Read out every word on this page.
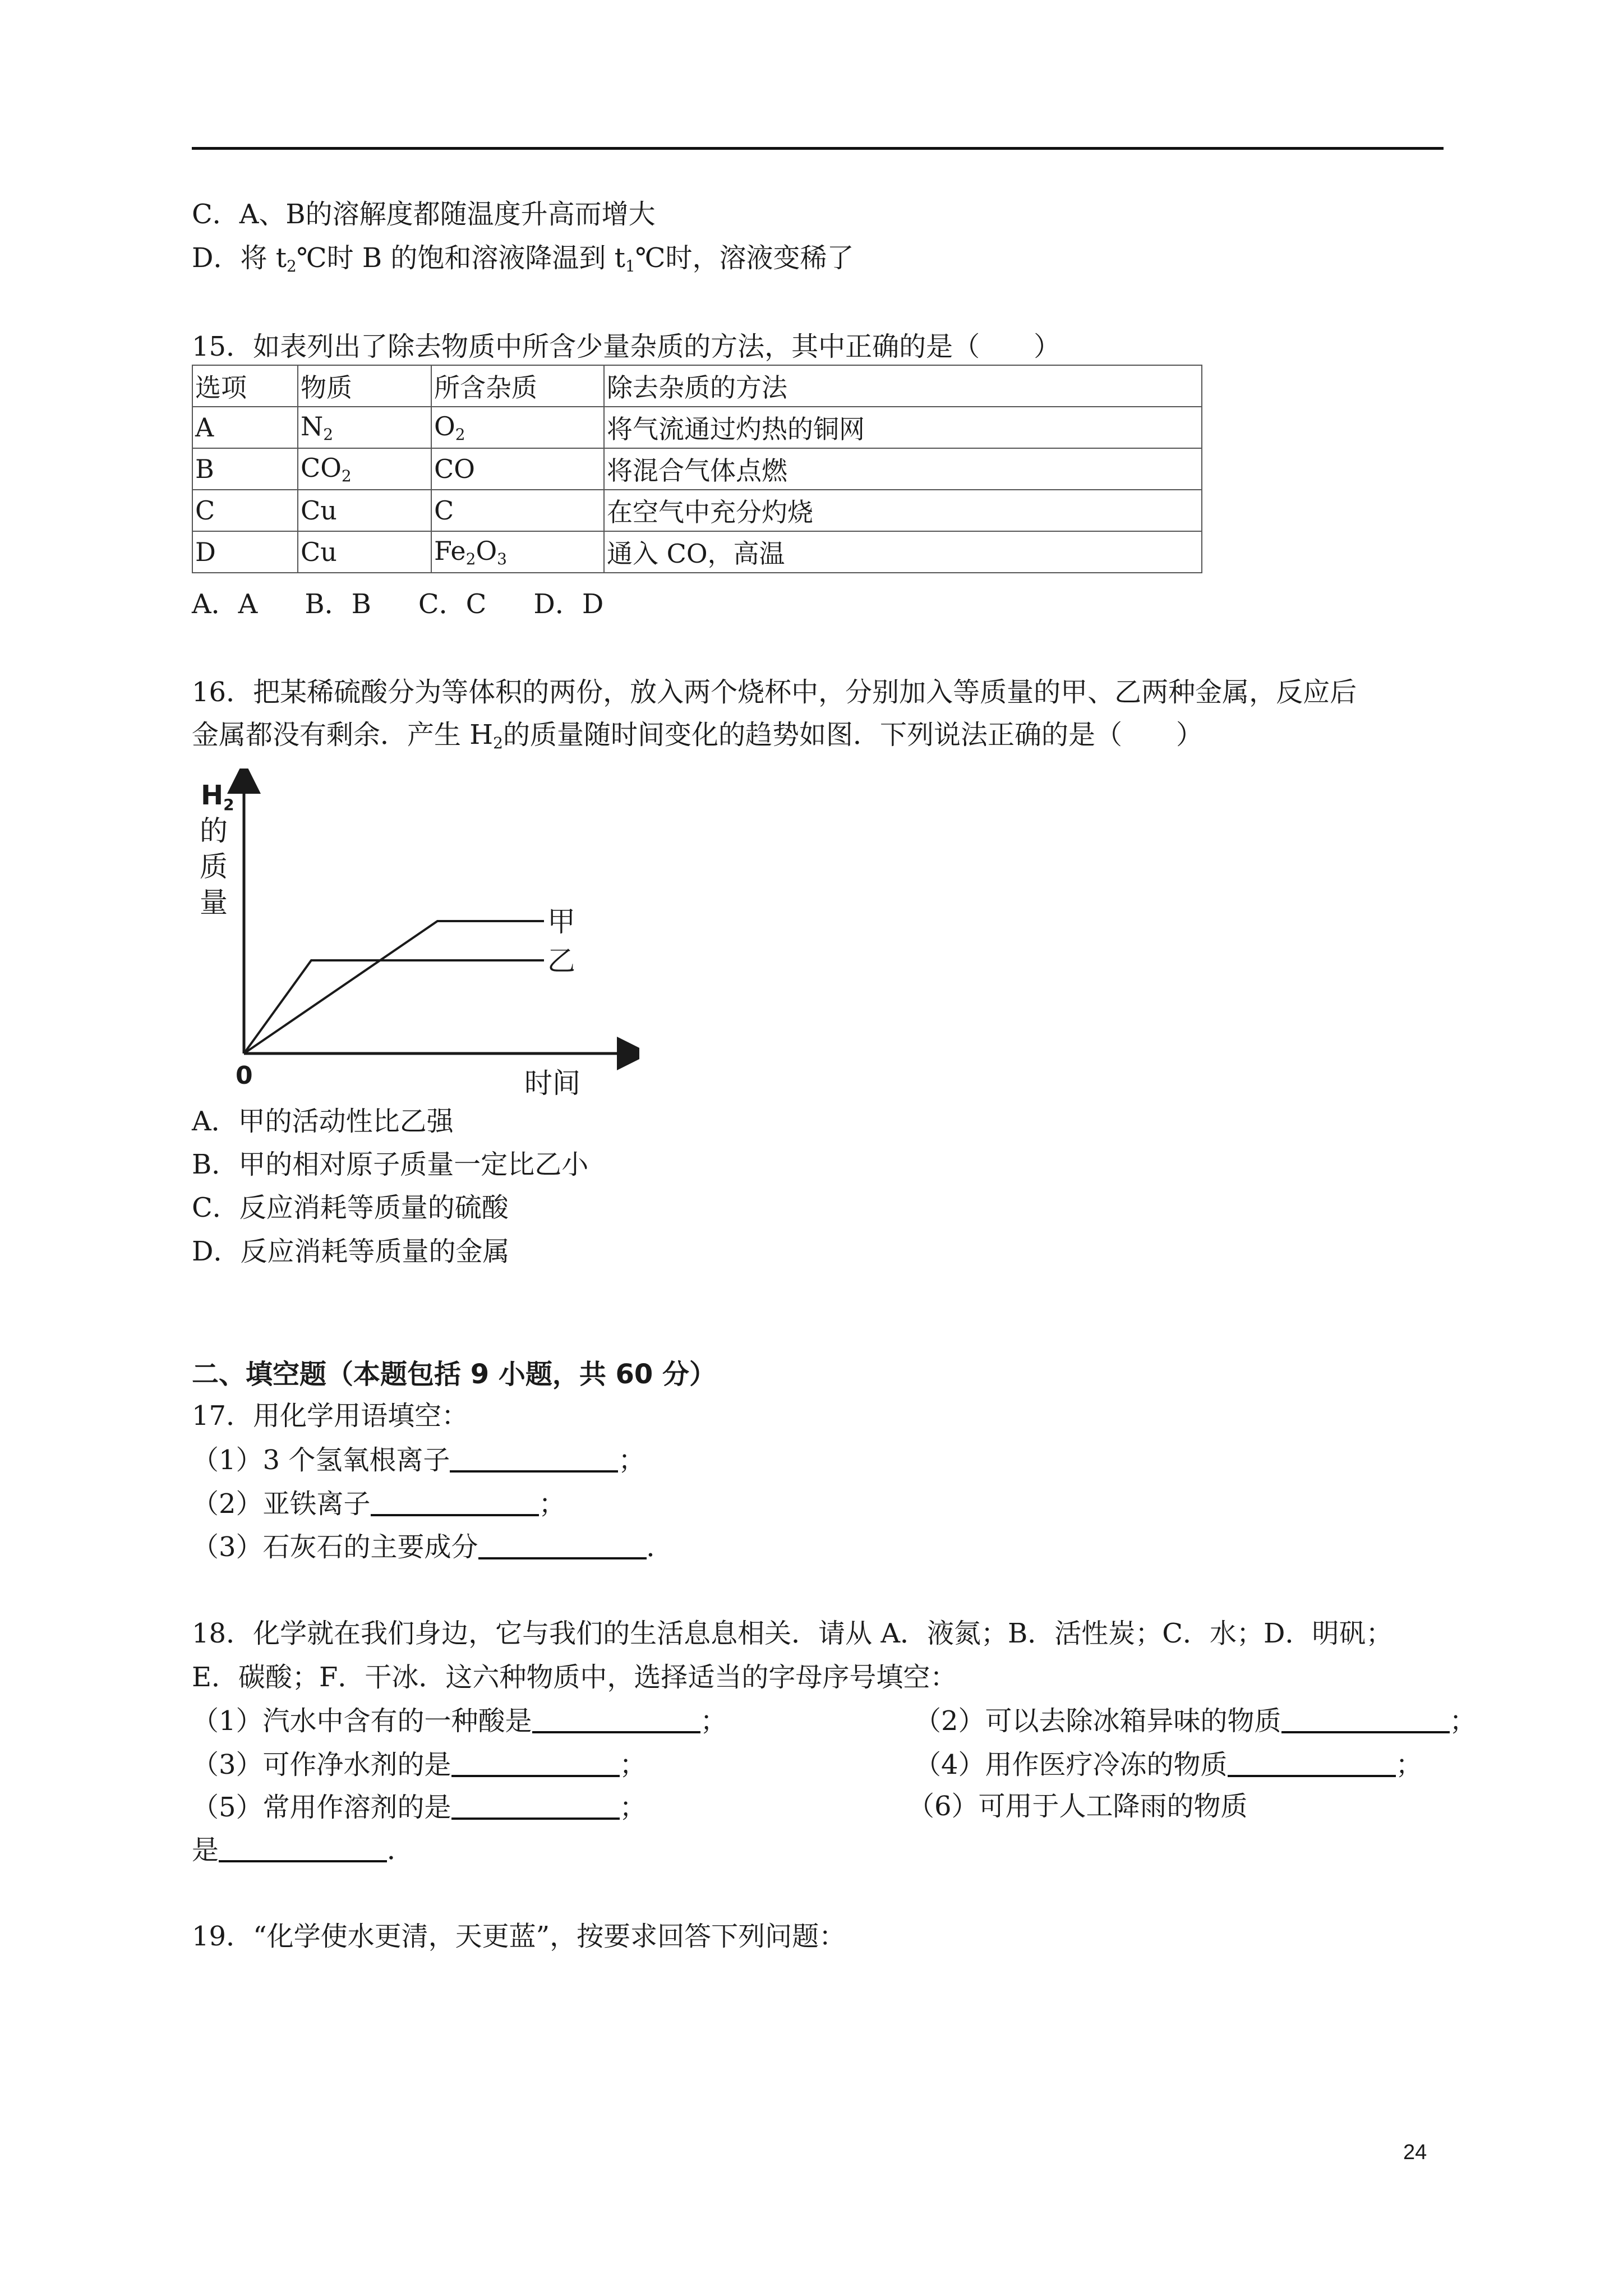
C．A、B的溶解度都随温度升高而增大
D．将 $t_2℃$时 B 的饱和溶液降温到 $t_1℃$时，溶液变稀了
15．如表列出了除去物质中所含少量杂质的方法，其中正确的是（　　）
选项	物质	所含杂质	除去杂质的方法
A	$N_2$	$O_2$	将气流通过灼热的铜网
B	$CO_2$	CO	将混合气体点燃
C	Cu	C	在空气中充分灼烧
D	Cu	$Fe_2O_3$	通入 CO，高温
A．A B．B C．C D．D
16．把某稀硫酸分为等体积的两份，放入两个烧杯中，分别加入等质量的甲、乙两种金属，反应后
金属都没有剩余．产生 $H_2$的质量随时间变化的趋势如图．下列说法正确的是（　　）
$H_2$
的
质
量
0	时间
甲
乙
A．甲的活动性比乙强
B．甲的相对原子质量一定比乙小
C．反应消耗等质量的硫酸
D．反应消耗等质量的金属
二、填空题（本题包括 9 小题，共 60 分）
17．用化学用语填空：
（1）3 个氢氧根离子	；
（2）亚铁离子	；
（3）石灰石的主要成分	．
18．化学就在我们身边，它与我们的生活息息相关．请从 A．液氮；B．活性炭；C．水；D．明矾；
E．碳酸；F．干冰．这六种物质中，选择适当的字母序号填空：
（1）汽水中含有的一种酸是	；	（2）可以去除冰箱异味的物质	；
（3）可作净水剂的是	；	（4）用作医疗冷冻的物质	；
（5）常用作溶剂的是	；	（6）可用于人工降雨的物质
是	．
19．“化学使水更清，天更蓝”，按要求回答下列问题：
24
